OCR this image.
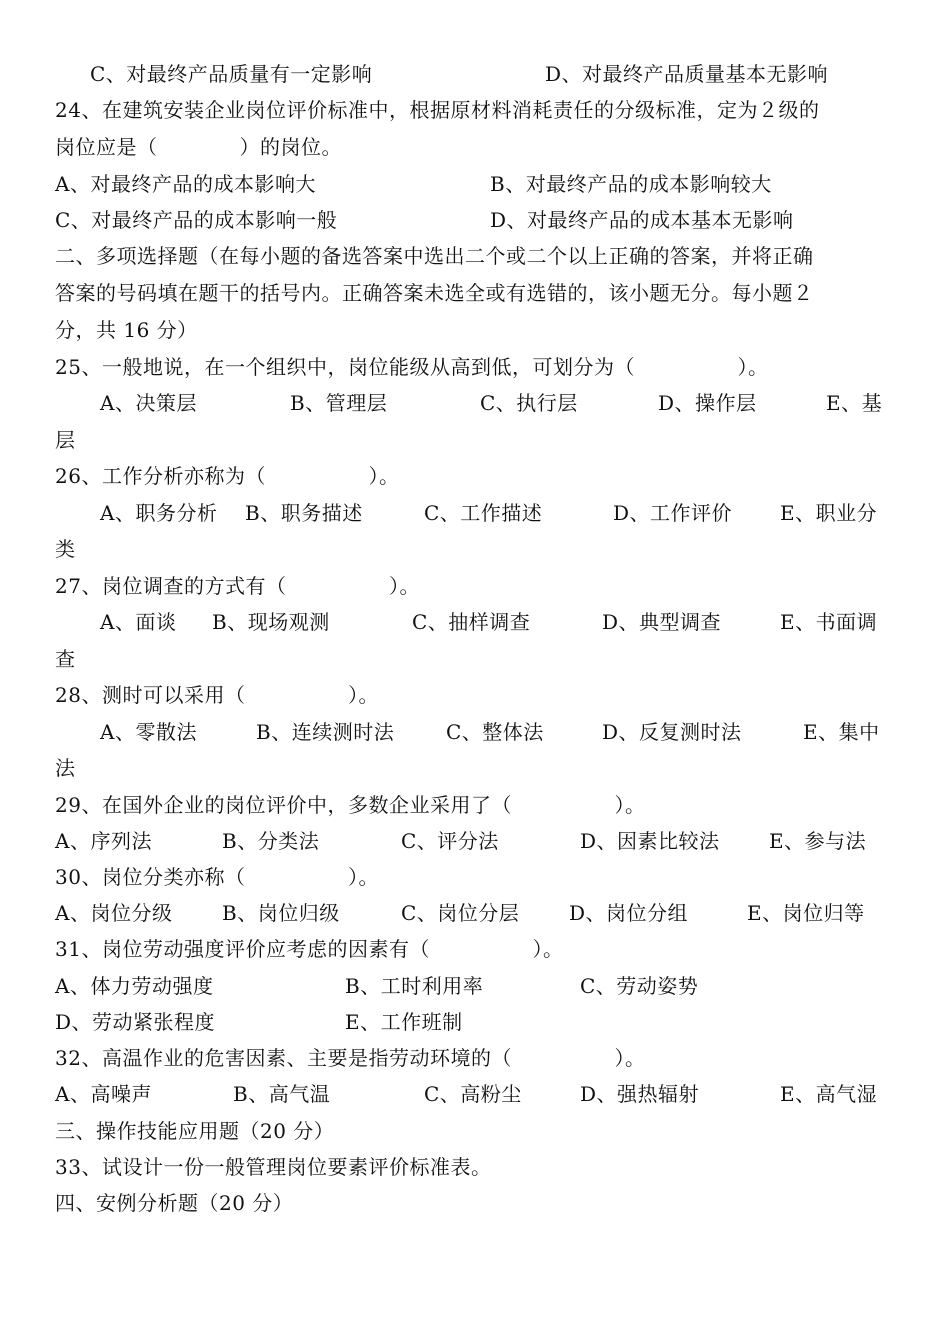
C、对最终产品质量有一定影响	D、对最终产品质量基本无影响
24、在建筑安装企业岗位评价标准中，根据原材料消耗责任的分级标准，定为２级的
岗位应是（　　　　）的岗位。
A、对最终产品的成本影响大	B、对最终产品的成本影响较大
C、对最终产品的成本影响一般	D、对最终产品的成本基本无影响
二、多项选择题（在每小题的备选答案中选出二个或二个以上正确的答案，并将正确
答案的号码填在题干的括号内。正确答案未选全或有选错的，该小题无分。每小题２
分，共 16 分）
25、一般地说，在一个组织中，岗位能级从高到低，可划分为（　　　　　）。
A、决策层	B、管理层	C、执行层	D、操作层	E、基
层
26、工作分析亦称为（　　　　　）。
A、职务分析 B、职务描述	C、工作描述	D、工作评价 E、职业分
类
27、岗位调查的方式有（　　　　　）。
A、面谈 B、现场观测	C、抽样调查	D、典型调查	E、书面调
查
28、测时可以采用（　　　　　）。
A、零散法	B、连续测时法	C、整体法	D、反复测时法	E、集中
法
29、在国外企业的岗位评价中，多数企业采用了（　　　　　）。
A、序列法	B、分类法	C、评分法	D、因素比较法 E、参与法
30、岗位分类亦称（　　　　　）。
A、岗位分级 B、岗位归级	C、岗位分层 D、岗位分组	E、岗位归等
31、岗位劳动强度评价应考虑的因素有（　　　　　）。
A、体力劳动强度	B、工时利用率	C、劳动姿势
D、劳动紧张程度	E、工作班制
32、高温作业的危害因素、主要是指劳动环境的（　　　　　）。
A、高噪声	B、高气温	C、高粉尘	D、强热辐射	E、高气湿
三、操作技能应用题（20 分）
33、试设计一份一般管理岗位要素评价标准表。
四、安例分析题（20 分）
